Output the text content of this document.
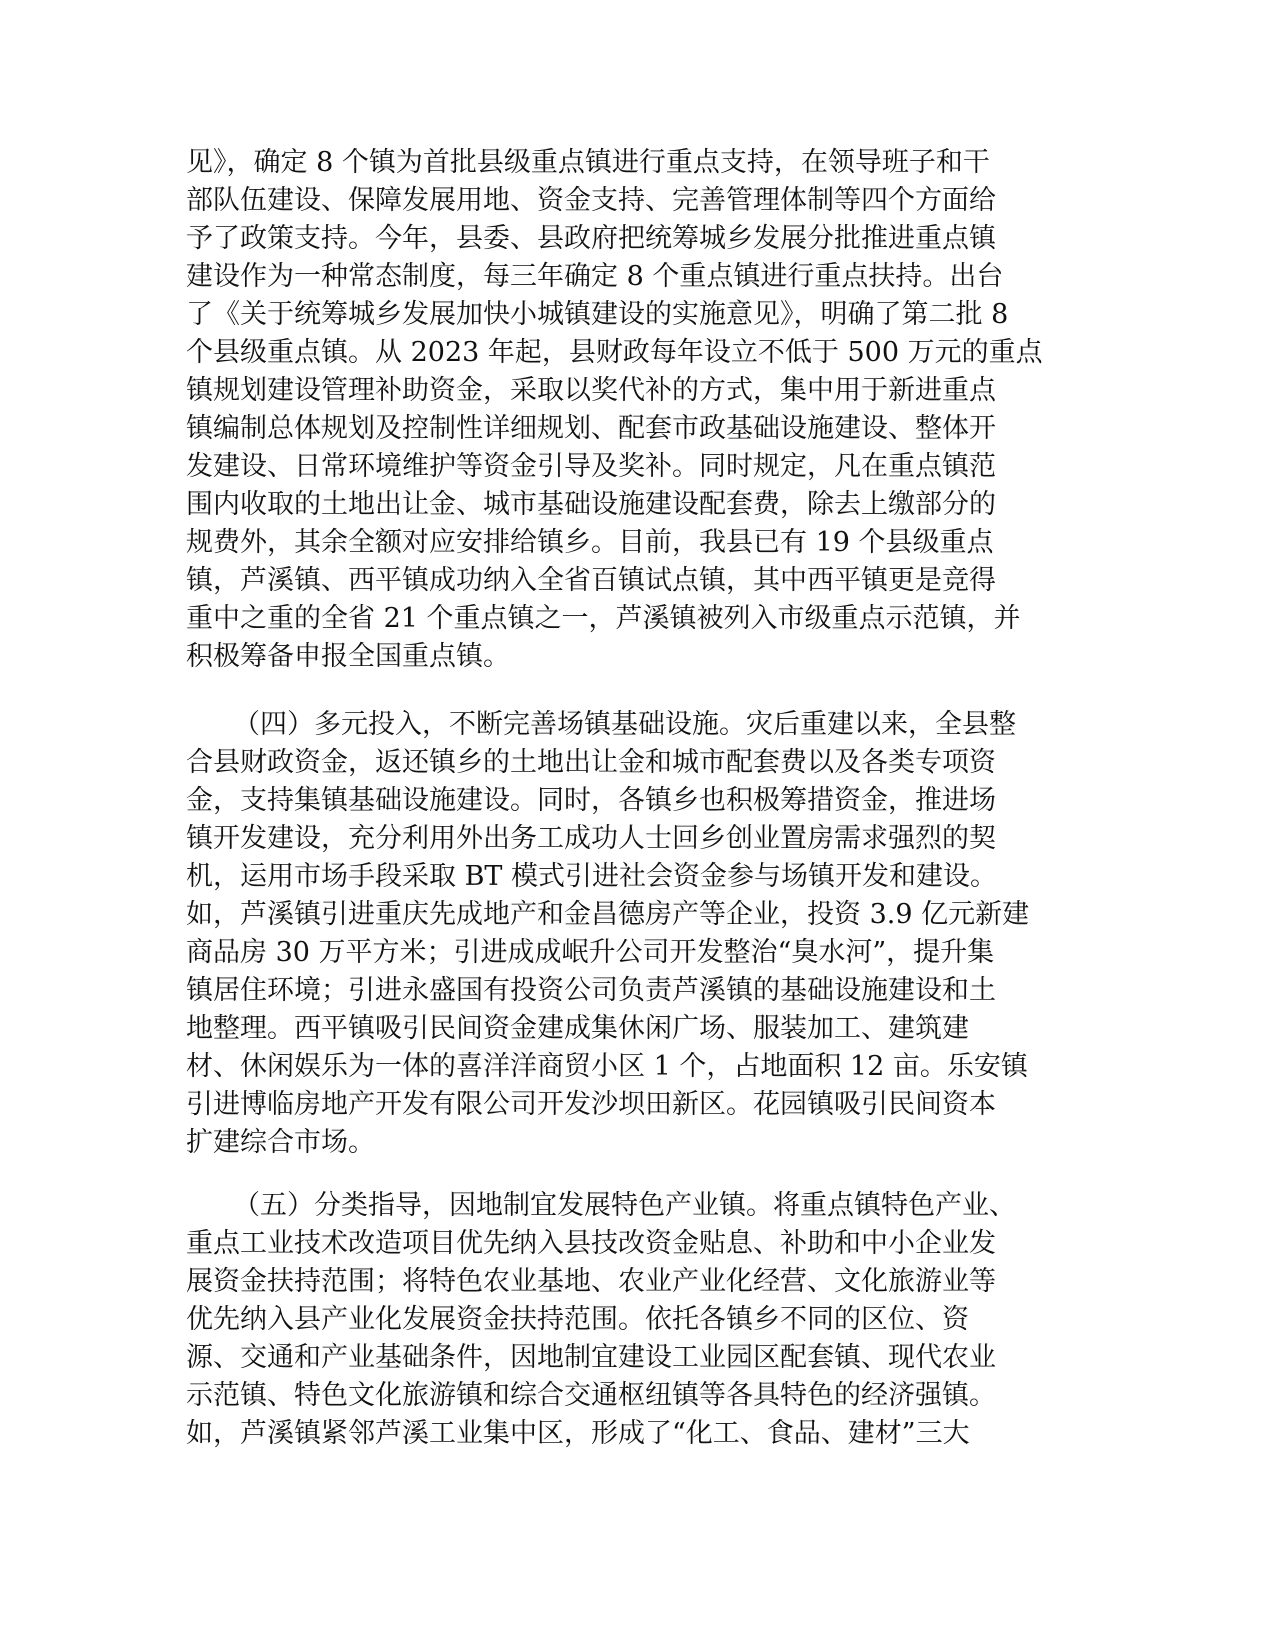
见》，确定 8 个镇为首批县级重点镇进行重点支持，在领导班子和干
部队伍建设、保障发展用地、资金支持、完善管理体制等四个方面给
予了政策支持。今年，县委、县政府把统筹城乡发展分批推进重点镇
建设作为一种常态制度，每三年确定 8 个重点镇进行重点扶持。出台
了《关于统筹城乡发展加快小城镇建设的实施意见》，明确了第二批 8
个县级重点镇。从 2023 年起，县财政每年设立不低于 500 万元的重点
镇规划建设管理补助资金，采取以奖代补的方式，集中用于新进重点
镇编制总体规划及控制性详细规划、配套市政基础设施建设、整体开
发建设、日常环境维护等资金引导及奖补。同时规定，凡在重点镇范
围内收取的土地出让金、城市基础设施建设配套费，除去上缴部分的
规费外，其余全额对应安排给镇乡。目前，我县已有 19 个县级重点
镇，芦溪镇、西平镇成功纳入全省百镇试点镇，其中西平镇更是竞得
重中之重的全省 21 个重点镇之一，芦溪镇被列入市级重点示范镇，并
积极筹备申报全国重点镇。
（四）多元投入，不断完善场镇基础设施。灾后重建以来，全县整
合县财政资金，返还镇乡的土地出让金和城市配套费以及各类专项资
金，支持集镇基础设施建设。同时，各镇乡也积极筹措资金，推进场
镇开发建设，充分利用外出务工成功人士回乡创业置房需求强烈的契
机，运用市场手段采取 BT 模式引进社会资金参与场镇开发和建设。
如，芦溪镇引进重庆先成地产和金昌德房产等企业，投资 3.9 亿元新建
商品房 30 万平方米；引进成成岷升公司开发整治“臭水河”，提升集
镇居住环境；引进永盛国有投资公司负责芦溪镇的基础设施建设和土
地整理。西平镇吸引民间资金建成集休闲广场、服装加工、建筑建
材、休闲娱乐为一体的喜洋洋商贸小区 1 个，占地面积 12 亩。乐安镇
引进博临房地产开发有限公司开发沙坝田新区。花园镇吸引民间资本
扩建综合市场。
（五）分类指导，因地制宜发展特色产业镇。将重点镇特色产业、
重点工业技术改造项目优先纳入县技改资金贴息、补助和中小企业发
展资金扶持范围；将特色农业基地、农业产业化经营、文化旅游业等
优先纳入县产业化发展资金扶持范围。依托各镇乡不同的区位、资
源、交通和产业基础条件，因地制宜建设工业园区配套镇、现代农业
示范镇、特色文化旅游镇和综合交通枢纽镇等各具特色的经济强镇。
如，芦溪镇紧邻芦溪工业集中区，形成了“化工、食品、建材”三大
